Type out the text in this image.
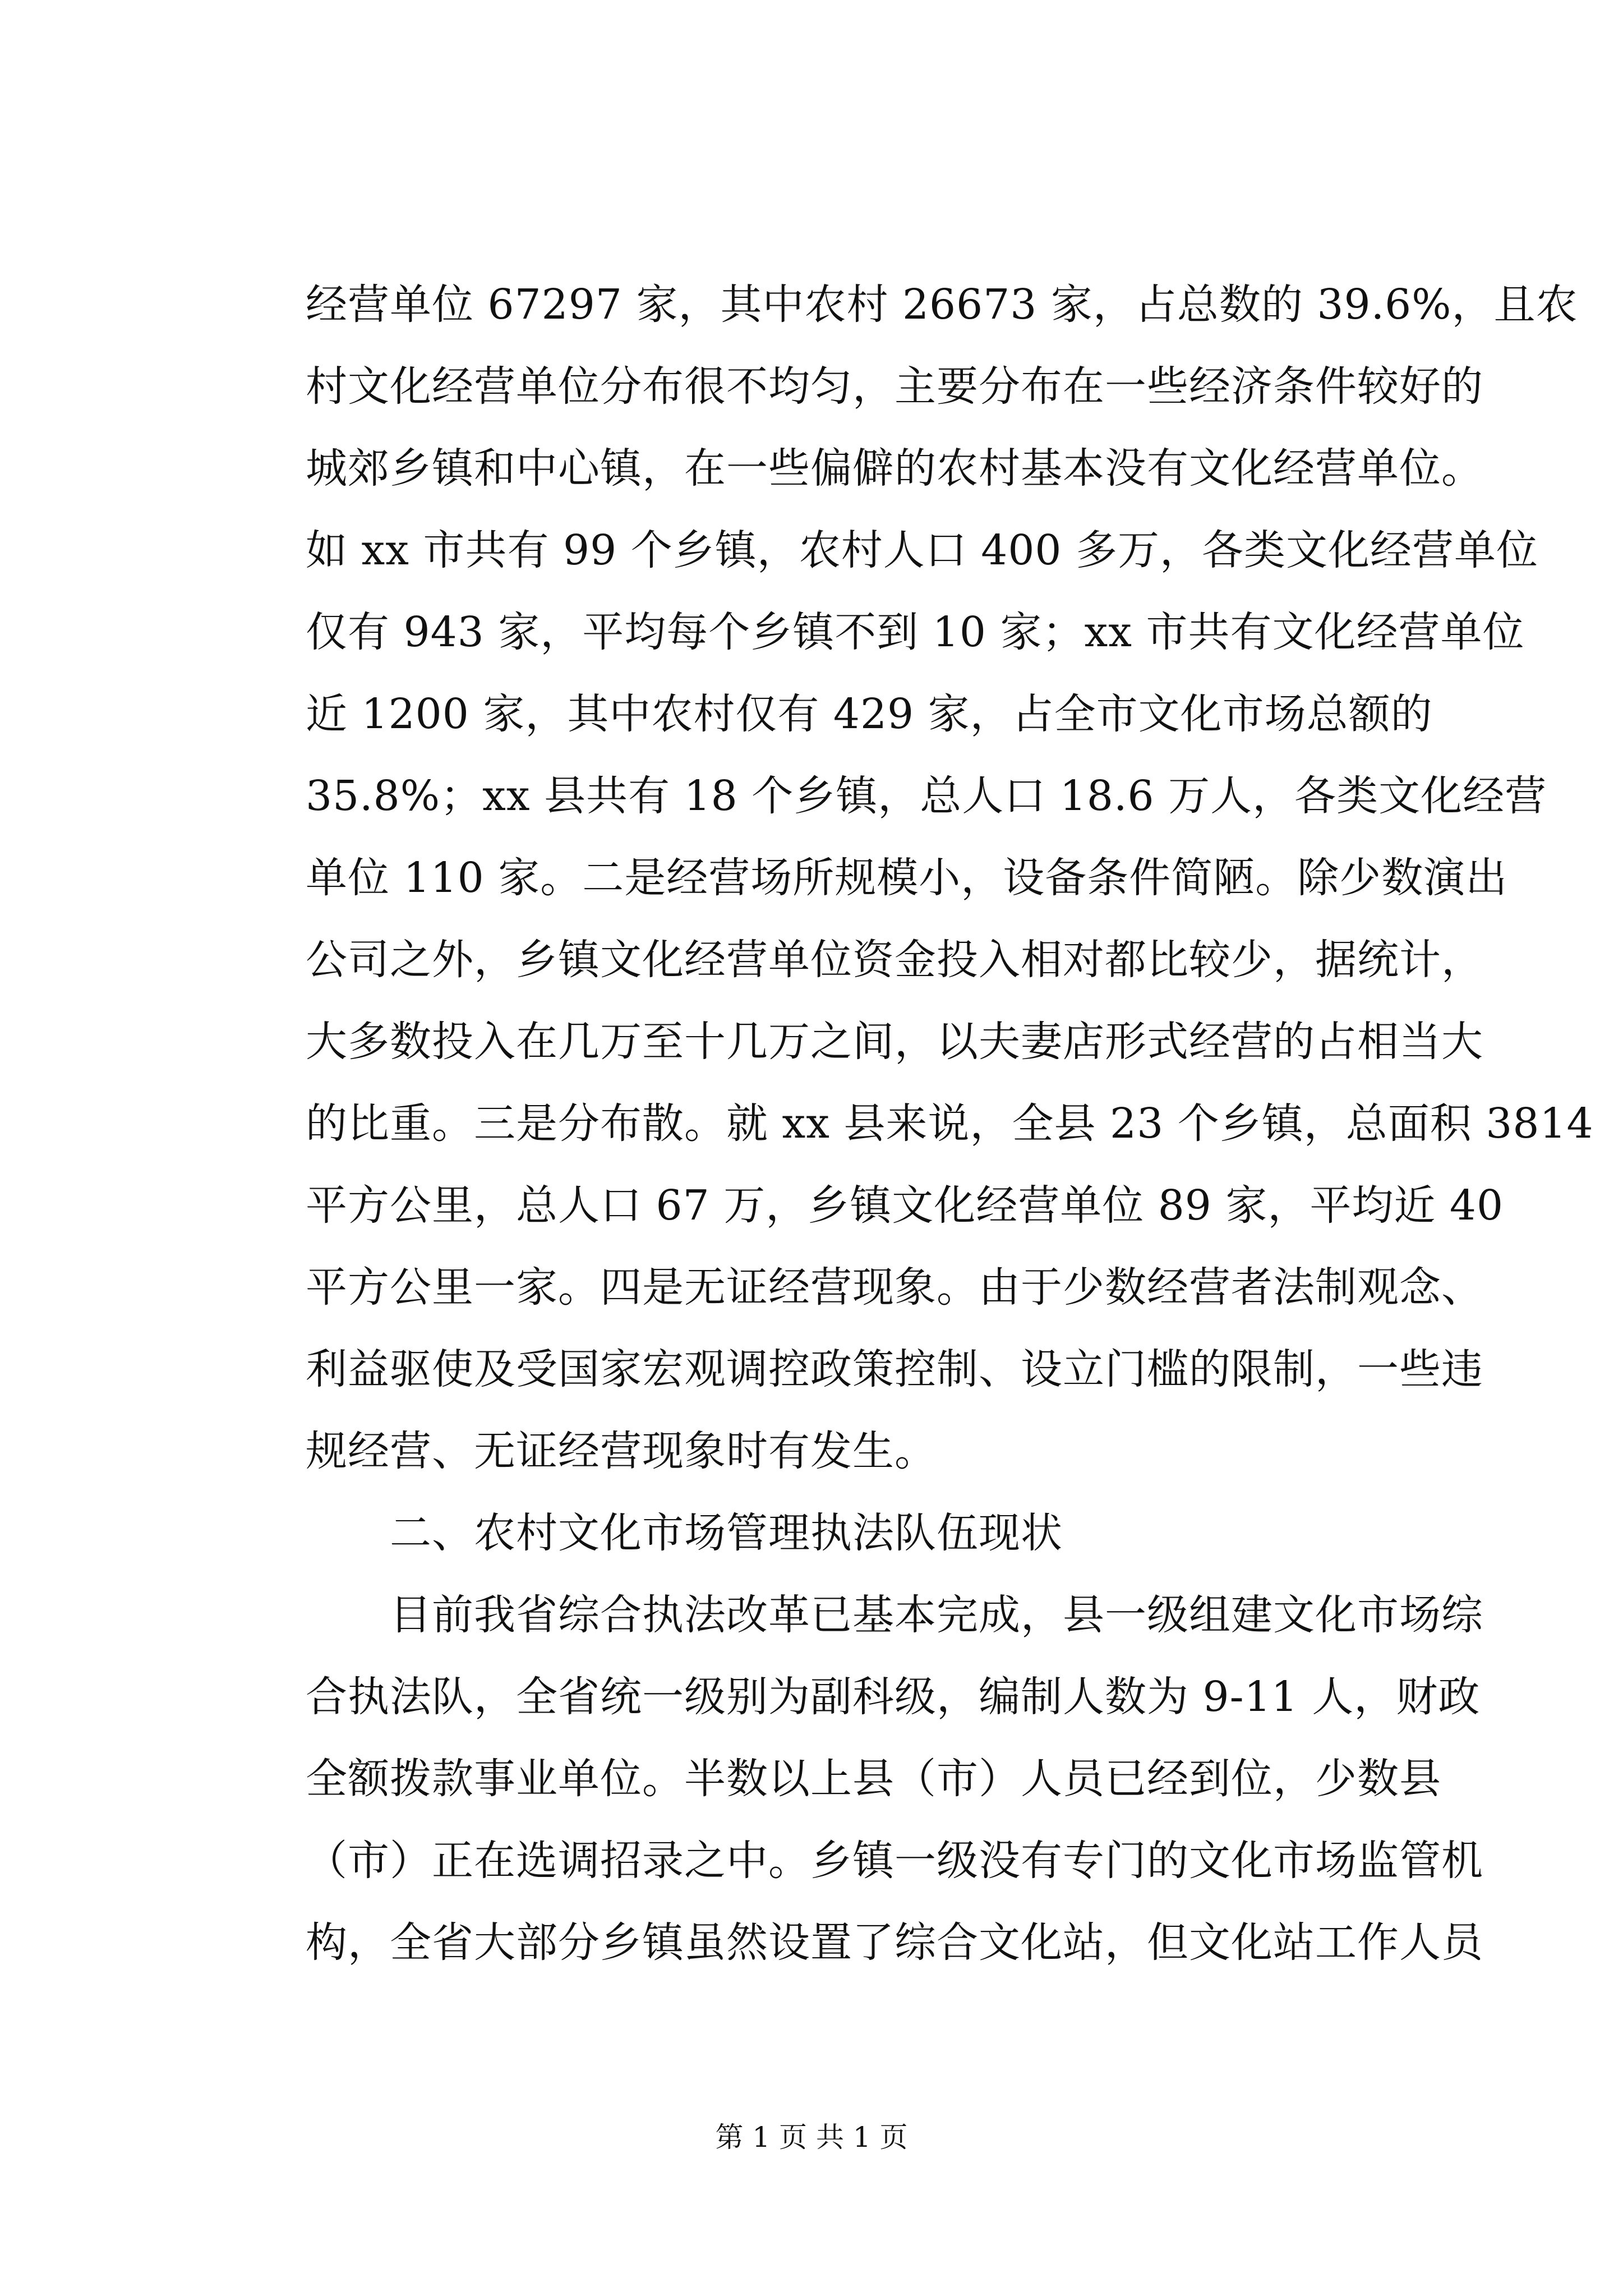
经营单位 67297 家，其中农村 26673 家，占总数的 39.6%，且农
村文化经营单位分布很不均匀，主要分布在一些经济条件较好的
城郊乡镇和中心镇，在一些偏僻的农村基本没有文化经营单位。
如 xx 市共有 99 个乡镇，农村人口 400 多万，各类文化经营单位
仅有 943 家，平均每个乡镇不到 10 家；xx 市共有文化经营单位
近 1200 家，其中农村仅有 429 家，占全市文化市场总额的
35.8%；xx 县共有 18 个乡镇，总人口 18.6 万人，各类文化经营
单位 110 家。二是经营场所规模小，设备条件简陋。除少数演出
公司之外，乡镇文化经营单位资金投入相对都比较少，据统计，
大多数投入在几万至十几万之间，以夫妻店形式经营的占相当大
的比重。三是分布散。就 xx 县来说，全县 23 个乡镇，总面积 3814
平方公里，总人口 67 万，乡镇文化经营单位 89 家，平均近 40
平方公里一家。四是无证经营现象。由于少数经营者法制观念、
利益驱使及受国家宏观调控政策控制、设立门槛的限制，一些违
规经营、无证经营现象时有发生。
二、农村文化市场管理执法队伍现状
目前我省综合执法改革已基本完成，县一级组建文化市场综
合执法队，全省统一级别为副科级，编制人数为 9-11 人，财政
全额拨款事业单位。半数以上县（市）人员已经到位，少数县
（市）正在选调招录之中。乡镇一级没有专门的文化市场监管机
构，全省大部分乡镇虽然设置了综合文化站，但文化站工作人员
第 1 页 共 1 页
